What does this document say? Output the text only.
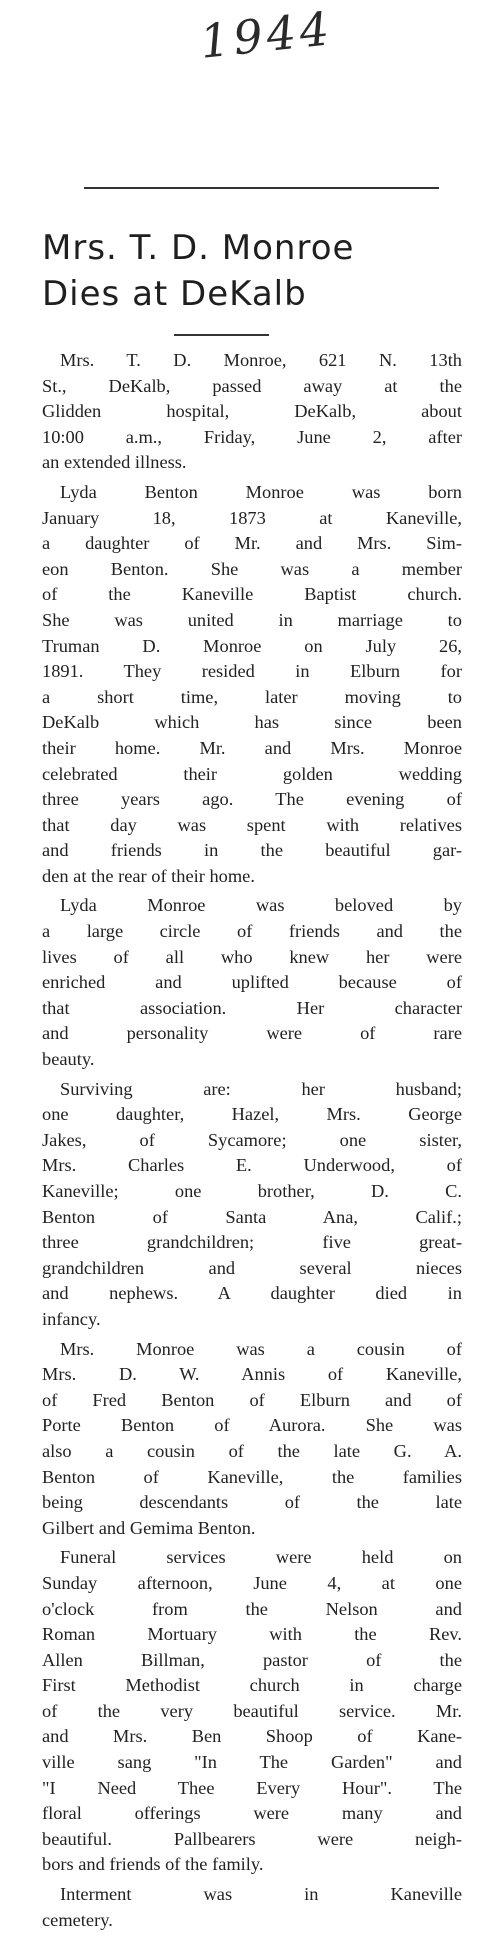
1944
Mrs. T. D. Monroe
Dies at DeKalb
Mrs. T. D. Monroe, 621 N. 13th
St., DeKalb, passed away at the
Glidden hospital, DeKalb, about
10:00 a.m., Friday, June 2, after
an extended illness.
Lyda Benton Monroe was born
January 18, 1873 at Kaneville,
a daughter of Mr. and Mrs. Sim-
eon Benton. She was a member
of the Kaneville Baptist church.
She was united in marriage to
Truman D. Monroe on July 26,
1891. They resided in Elburn for
a short time, later moving to
DeKalb which has since been
their home. Mr. and Mrs. Monroe
celebrated their golden wedding
three years ago. The evening of
that day was spent with relatives
and friends in the beautiful gar-
den at the rear of their home.
Lyda Monroe was beloved by
a large circle of friends and the
lives of all who knew her were
enriched and uplifted because of
that association. Her character
and personality were of rare
beauty.
Surviving are: her husband;
one daughter, Hazel, Mrs. George
Jakes, of Sycamore; one sister,
Mrs. Charles E. Underwood, of
Kaneville; one brother, D. C.
Benton of Santa Ana, Calif.;
three grandchildren; five great-
grandchildren and several nieces
and nephews. A daughter died in
infancy.
Mrs. Monroe was a cousin of
Mrs. D. W. Annis of Kaneville,
of Fred Benton of Elburn and of
Porte Benton of Aurora. She was
also a cousin of the late G. A.
Benton of Kaneville, the families
being descendants of the late
Gilbert and Gemima Benton.
Funeral services were held on
Sunday afternoon, June 4, at one
o'clock from the Nelson and
Roman Mortuary with the Rev.
Allen Billman, pastor of the
First Methodist church in charge
of the very beautiful service. Mr.
and Mrs. Ben Shoop of Kane-
ville sang "In The Garden" and
"I Need Thee Every Hour". The
floral offerings were many and
beautiful. Pallbearers were neigh-
bors and friends of the family.
Interment was in Kaneville
cemetery.
